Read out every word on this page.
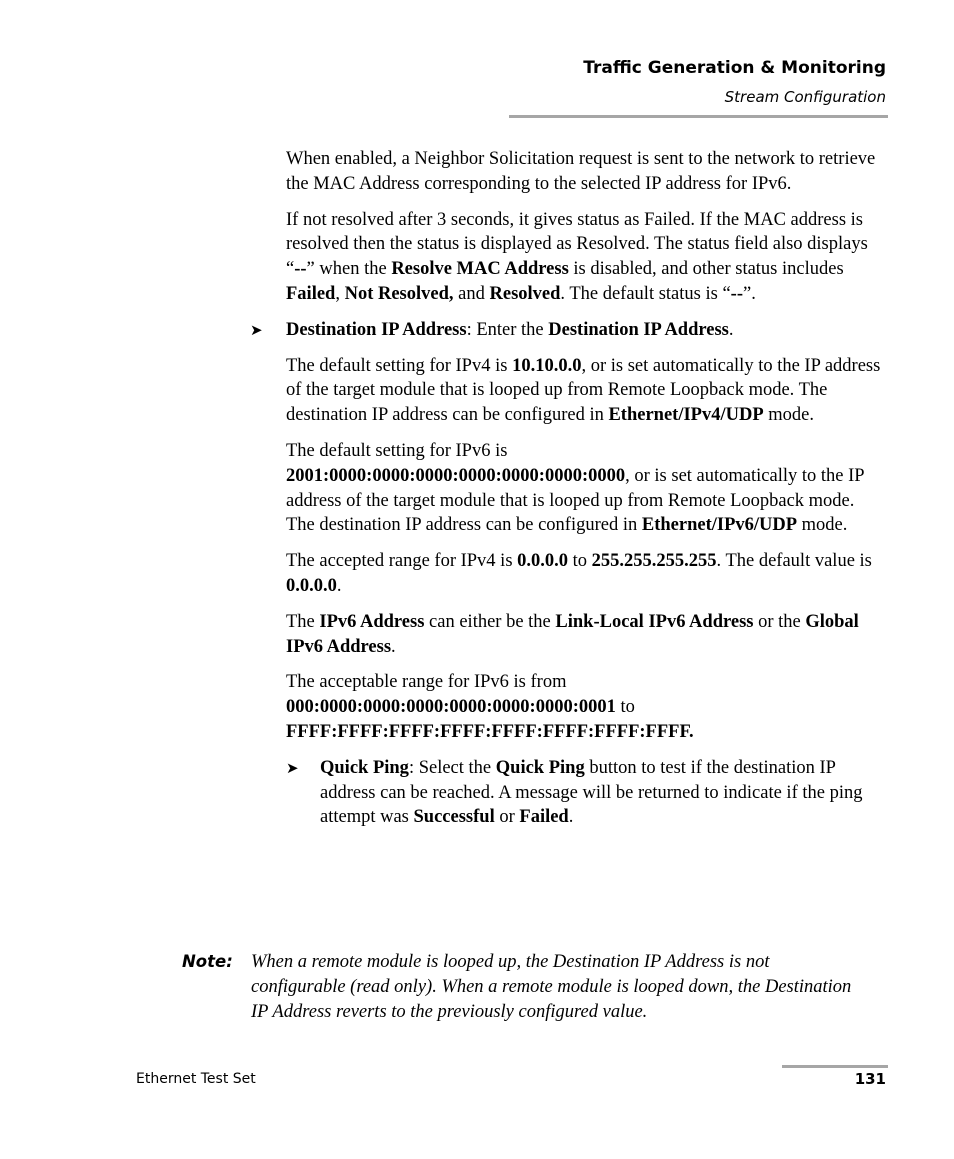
Traffic Generation & Monitoring
Stream Configuration

When enabled, a Neighbor Solicitation request is sent to the network to retrieve the MAC Address corresponding to the selected IP address for IPv6.

If not resolved after 3 seconds, it gives status as Failed. If the MAC address is resolved then the status is displayed as Resolved. The status field also displays “--” when the Resolve MAC Address is disabled, and other status includes Failed, Not Resolved, and Resolved. The default status is “--”.

➤ Destination IP Address: Enter the Destination IP Address.

The default setting for IPv4 is 10.10.0.0, or is set automatically to the IP address of the target module that is looped up from Remote Loopback mode. The destination IP address can be configured in Ethernet/IPv4/UDP mode.

The default setting for IPv6 is
2001:0000:0000:0000:0000:0000:0000:0000, or is set automatically to the IP address of the target module that is looped up from Remote Loopback mode. The destination IP address can be configured in Ethernet/IPv6/UDP mode.

The accepted range for IPv4 is 0.0.0.0 to 255.255.255.255. The default value is 0.0.0.0.

The IPv6 Address can either be the Link-Local IPv6 Address or the Global IPv6 Address.

The acceptable range for IPv6 is from
000:0000:0000:0000:0000:0000:0000:0001 to
FFFF:FFFF:FFFF:FFFF:FFFF:FFFF:FFFF:FFFF.

➤ Quick Ping: Select the Quick Ping button to test if the destination IP address can be reached. A message will be returned to indicate if the ping attempt was Successful or Failed.

Note: When a remote module is looped up, the Destination IP Address is not configurable (read only). When a remote module is looped down, the Destination IP Address reverts to the previously configured value.
Ethernet Test Set	131
